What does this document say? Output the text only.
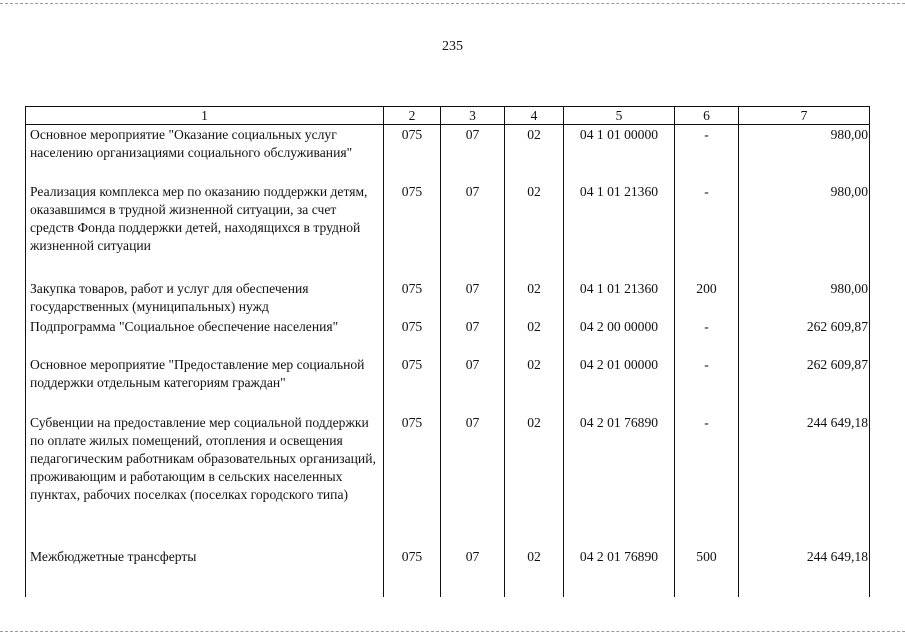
235
1	2	3	4	5	6	7
Основное мероприятие "Оказание социальных услуг населению организациями социального обслуживания"	075	07	02	04 1 01 00000	-	980,00
Реализация комплекса мер по оказанию поддержки детям, оказавшимся в трудной жизненной ситуации, за счет средств Фонда поддержки детей, находящихся в трудной жизненной ситуации	075	07	02	04 1 01 21360	-	980,00
Закупка товаров, работ и услуг для обеспечения государственных (муниципальных) нужд	075	07	02	04 1 01 21360	200	980,00
Подпрограмма "Социальное обеспечение населения"	075	07	02	04 2 00 00000	-	262 609,87
Основное мероприятие "Предоставление мер социальной поддержки отдельным категориям граждан"	075	07	02	04 2 01 00000	-	262 609,87
Субвенции на предоставление мер социальной поддержки по оплате жилых помещений, отопления и освещения педагогическим работникам образовательных организаций, проживающим и работающим в сельских населенных пунктах, рабочих поселках (поселках городского типа)	075	07	02	04 2 01 76890	-	244 649,18
Межбюджетные трансферты	075	07	02	04 2 01 76890	500	244 649,18
